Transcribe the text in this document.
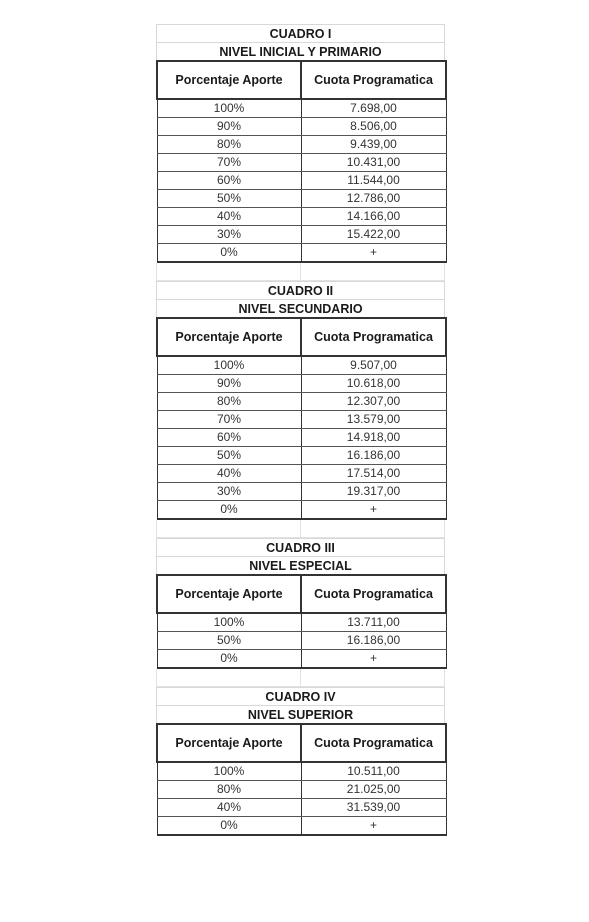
CUADRO I
NIVEL INICIAL Y PRIMARIO
Porcentaje Aporte	Cuota Programatica
100%	7.698,00
90%	8.506,00
80%	9.439,00
70%	10.431,00
60%	11.544,00
50%	12.786,00
40%	14.166,00
30%	15.422,00
0%	+
CUADRO II
NIVEL SECUNDARIO
Porcentaje Aporte	Cuota Programatica
100%	9.507,00
90%	10.618,00
80%	12.307,00
70%	13.579,00
60%	14.918,00
50%	16.186,00
40%	17.514,00
30%	19.317,00
0%	+
CUADRO III
NIVEL ESPECIAL
Porcentaje Aporte	Cuota Programatica
100%	13.711,00
50%	16.186,00
0%	+
CUADRO IV
NIVEL SUPERIOR
Porcentaje Aporte	Cuota Programatica
100%	10.511,00
80%	21.025,00
40%	31.539,00
0%	+
